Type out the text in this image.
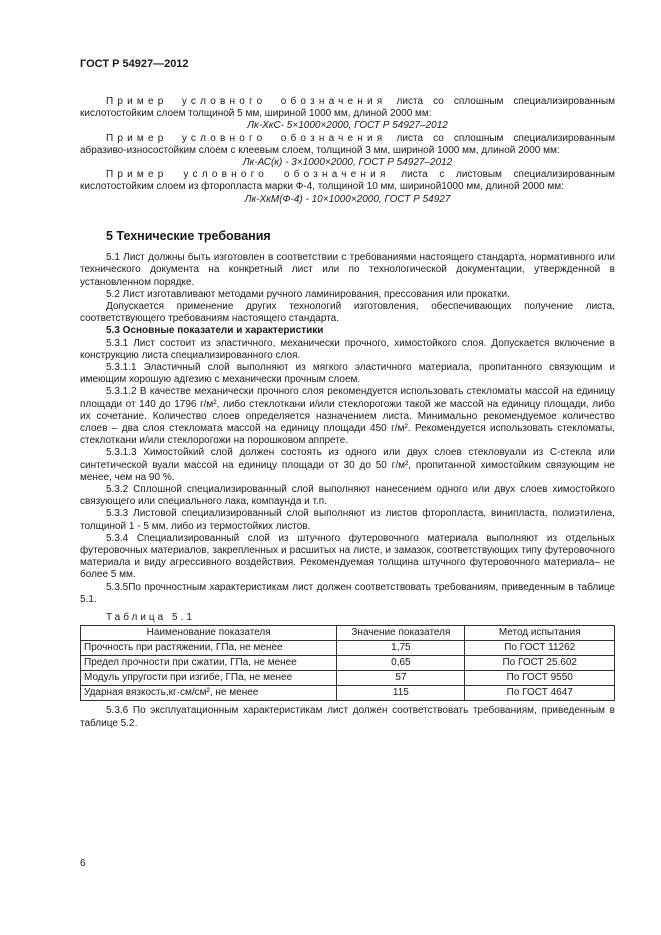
ГОСТ Р 54927—2012

Пример условного обозначения листа со сплошным специализированным кислотостойким слоем толщиной 5 мм, шириной 1000 мм, длиной 2000 мм:

Лк-ХкС- 5×1000×2000, ГОСТ Р 54927–2012

Пример условного обозначения листа со сплошным специализированным абразиво-износостойким слоем с клеевым слоем, толщиной 3 мм, шириной 1000 мм, длиной 2000 мм:

Лк-АС(к) - 3×1000×2000, ГОСТ Р 54927–2012

Пример условного обозначения листа с листовым специализированным кислотостойким слоем из фторопласта марки Ф-4, толщиной 10 мм, шириной1000 мм, длиной 2000 мм:

Лк-ХкМ(Ф-4) - 10×1000×2000, ГОСТ Р 54927

5 Технические требования

5.1 Лист должны быть изготовлен в соответствии с требованиями настоящего стандарта, нормативного или технического документа на конкретный лист или по технологической документации, утвержденной в установленном порядке.

5.2 Лист изготавливают методами ручного ламинирования, прессования или прокатки.

Допускается применение других технологий изготовления, обеспечивающих получение листа, соответствующего требованиям настоящего стандарта.

5.3 Основные показатели и характеристики

5.3.1 Лист состоит из эластичного, механически прочного, химостойкого слоя. Допускается включение в конструкцию листа специализированного слоя.

5.3.1.1 Эластичный слой выполняют из мягкого эластичного материала, пропитанного связующим и имеющим хорошую адгезию с механически прочным слоем.

5.3.1.2 В качестве механически прочного слоя рекомендуется использовать стекломаты массой на единицу площади от 140 до 1796 г/м², либо стеклоткани и/или стеклорогожи такой же массой на единицу площади, либо их сочетание. Количество слоев определяется назначением листа. Минимально рекомендуемое количество слоев – два слоя стекломата массой на единицу площади 450 г/м². Рекомендуется использовать стекломаты, стеклоткани и/или стеклорогожи на порошковом аппрете.

5.3.1.3 Химостойкий слой должен состоять из одного или двух слоев стекловуали из С-стекла или синтетической вуали массой на единицу площади от 30 до 50 г/м², пропитанной химостойким связующим не менее, чем на 90 %.

5.3.2 Сплошной специализированный слой выполняют нанесением одного или двух слоев химостойкого связующего или специального лака, компаунда и т.п.

5.3.3 Листовой специализированный слой выполняют из листов фторопласта, винипласта, полиэтилена, толщиной 1 - 5 мм, либо из термостойких листов.

5.3.4 Специализированный слой из штучного футеровочного материала выполняют из отдельных футеровочных материалов, закрепленных и расшитых на листе, и замазок, соответствующих типу футеровочного материала и виду агрессивного воздействия. Рекомендуемая толщина штучного футеровочного материала– не более 5 мм.

5.3.5По прочностным характеристикам лист должен соответствовать требованиям, приведенным в таблице 5.1.

Таблица 5.1

Наименование показателя	Значение показателя	Метод испытания
Прочность при растяжении, ГПа, не менее	1,75	По ГОСТ 11262
Предел прочности при сжатии, ГПа, не менее	0,65	По ГОСТ 25.602
Модуль упругости при изгибе, ГПа, не менее	57	По ГОСТ 9550
Ударная вязкость,кг·см/см², не менее	115	По ГОСТ 4647

5.3.6 По эксплуатационным характеристикам лист должен соответствовать требованиям, приведенным в таблице 5.2.

6
